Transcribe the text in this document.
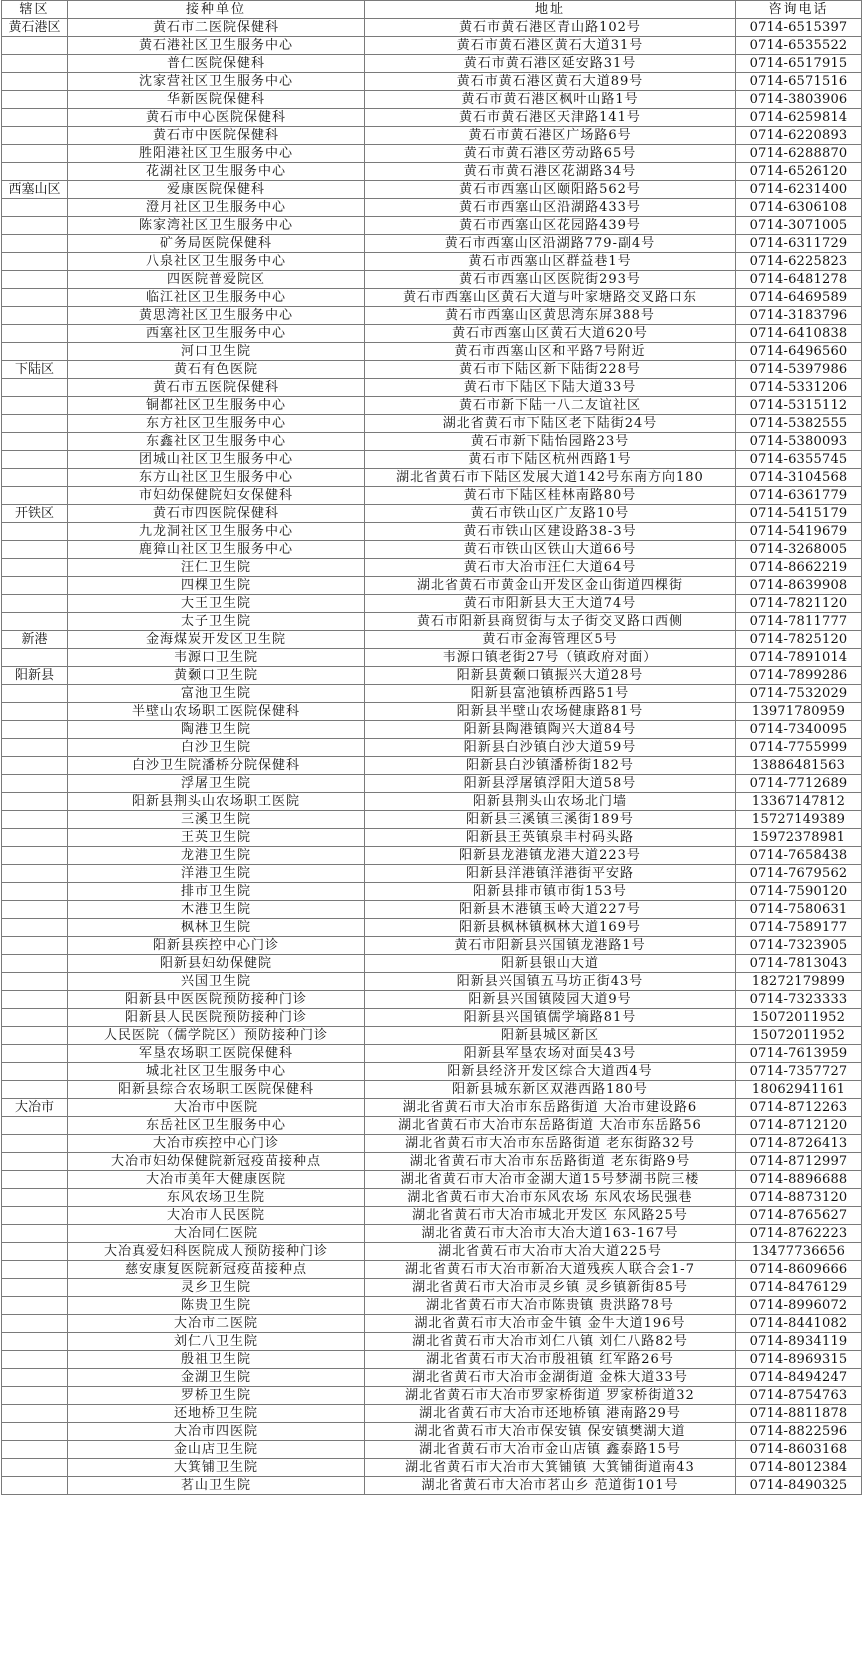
辖区	接种单位	地址	咨询电话
黄石港区	黄石市二医院保健科	黄石市黄石港区青山路102号	0714-6515397
	黄石港社区卫生服务中心	黄石市黄石港区黄石大道31号	0714-6535522
	普仁医院保健科	黄石市黄石港区延安路31号	0714-6517915
	沈家营社区卫生服务中心	黄石市黄石港区黄石大道89号	0714-6571516
	华新医院保健科	黄石市黄石港区枫叶山路1号	0714-3803906
	黄石市中心医院保健科	黄石市黄石港区天津路141号	0714-6259814
	黄石市中医院保健科	黄石市黄石港区广场路6号	0714-6220893
	胜阳港社区卫生服务中心	黄石市黄石港区劳动路65号	0714-6288870
	花湖社区卫生服务中心	黄石市黄石港区花湖路34号	0714-6526120
西塞山区	爱康医院保健科	黄石市西塞山区颐阳路562号	0714-6231400
	澄月社区卫生服务中心	黄石市西塞山区沿湖路433号	0714-6306108
	陈家湾社区卫生服务中心	黄石市西塞山区花园路439号	0714-3071005
	矿务局医院保健科	黄石市西塞山区沿湖路779-副4号	0714-6311729
	八泉社区卫生服务中心	黄石市西塞山区群益巷1号	0714-6225823
	四医院普爱院区	黄石市西塞山区医院街293号	0714-6481278
	临江社区卫生服务中心	黄石市西塞山区黄石大道与叶家塘路交叉路口东	0714-6469589
	黄思湾社区卫生服务中心	黄石市西塞山区黄思湾东屏388号	0714-3183796
	西塞社区卫生服务中心	黄石市西塞山区黄石大道620号	0714-6410838
	河口卫生院	黄石市西塞山区和平路7号附近	0714-6496560
下陆区	黄石有色医院	黄石市下陆区新下陆街228号	0714-5397986
	黄石市五医院保健科	黄石市下陆区下陆大道33号	0714-5331206
	铜都社区卫生服务中心	黄石市新下陆一八二友谊社区	0714-5315112
	东方社区卫生服务中心	湖北省黄石市下陆区老下陆街24号	0714-5382555
	东鑫社区卫生服务中心	黄石市新下陆怡园路23号	0714-5380093
	团城山社区卫生服务中心	黄石市下陆区杭州西路1号	0714-6355745
	东方山社区卫生服务中心	湖北省黄石市下陆区发展大道142号东南方向180	0714-3104568
	市妇幼保健院妇女保健科	黄石市下陆区桂林南路80号	0714-6361779
开铁区	黄石市四医院保健科	黄石市铁山区广友路10号	0714-5415179
	九龙洞社区卫生服务中心	黄石市铁山区建设路38-3号	0714-5419679
	鹿獐山社区卫生服务中心	黄石市铁山区铁山大道66号	0714-3268005
	汪仁卫生院	黄石市大冶市汪仁大道64号	0714-8662219
	四棵卫生院	湖北省黄石市黄金山开发区金山街道四棵街	0714-8639908
	大王卫生院	黄石市阳新县大王大道74号	0714-7821120
	太子卫生院	黄石市阳新县商贸街与太子街交叉路口西侧	0714-7811777
新港	金海煤炭开发区卫生院	黄石市金海管理区5号	0714-7825120
	韦源口卫生院	韦源口镇老街27号（镇政府对面）	0714-7891014
阳新县	黄颡口卫生院	阳新县黄颡口镇振兴大道28号	0714-7899286
	富池卫生院	阳新县富池镇桥西路51号	0714-7532029
	半壁山农场职工医院保健科	阳新县半壁山农场健康路81号	13971780959
	陶港卫生院	阳新县陶港镇陶兴大道84号	0714-7340095
	白沙卫生院	阳新县白沙镇白沙大道59号	0714-7755999
	白沙卫生院潘桥分院保健科	阳新县白沙镇潘桥街182号	13886481563
	浮屠卫生院	阳新县浮屠镇浮阳大道58号	0714-7712689
	阳新县荆头山农场职工医院	阳新县荆头山农场北门墙	13367147812
	三溪卫生院	阳新县三溪镇三溪街189号	15727149389
	王英卫生院	阳新县王英镇泉丰村码头路	15972378981
	龙港卫生院	阳新县龙港镇龙港大道223号	0714-7658438
	洋港卫生院	阳新县洋港镇洋港街平安路	0714-7679562
	排市卫生院	阳新县排市镇市街153号	0714-7590120
	木港卫生院	阳新县木港镇玉岭大道227号	0714-7580631
	枫林卫生院	阳新县枫林镇枫林大道169号	0714-7589177
	阳新县疾控中心门诊	黄石市阳新县兴国镇龙港路1号	0714-7323905
	阳新县妇幼保健院	阳新县银山大道	0714-7813043
	兴国卫生院	阳新县兴国镇五马坊正街43号	18272179899
	阳新县中医医院预防接种门诊	阳新县兴国镇陵园大道9号	0714-7323333
	阳新县人民医院预防接种门诊	阳新县兴国镇儒学墒路81号	15072011952
	人民医院（儒学院区）预防接种门诊	阳新县城区新区	15072011952
	军垦农场职工医院保健科	阳新县军垦农场对面吴43号	0714-7613959
	城北社区卫生服务中心	阳新县经济开发区综合大道西4号	0714-7357727
	阳新县综合农场职工医院保健科	阳新县城东新区双港西路180号	18062941161
大冶市	大冶市中医院	湖北省黄石市大冶市东岳路街道 大冶市建设路6	0714-8712263
	东岳社区卫生服务中心	湖北省黄石市大冶市东岳路街道 大冶市东岳路56	0714-8712120
	大冶市疾控中心门诊	湖北省黄石市大冶市东岳路街道 老东街路32号	0714-8726413
	大冶市妇幼保健院新冠疫苗接种点	湖北省黄石市大冶市东岳路街道 老东街路9号	0714-8712997
	大冶市美年大健康医院	湖北省黄石市大冶市金湖大道15号梦湖书院三楼	0714-8896688
	东风农场卫生院	湖北省黄石市大冶市东风农场 东风农场民强巷	0714-8873120
	大冶市人民医院	湖北省黄石市大冶市城北开发区 东风路25号	0714-8765627
	大冶同仁医院	湖北省黄石市大冶市大冶大道163-167号	0714-8762223
	大冶真爱妇科医院成人预防接种门诊	湖北省黄石市大冶市大冶大道225号	13477736656
	慈安康复医院新冠疫苗接种点	湖北省黄石市大冶市新冶大道残疾人联合会1-7	0714-8609666
	灵乡卫生院	湖北省黄石市大冶市灵乡镇 灵乡镇新街85号	0714-8476129
	陈贵卫生院	湖北省黄石市大冶市陈贵镇 贵洪路78号	0714-8996072
	大冶市二医院	湖北省黄石市大冶市金牛镇 金牛大道196号	0714-8441082
	刘仁八卫生院	湖北省黄石市大冶市刘仁八镇 刘仁八路82号	0714-8934119
	殷祖卫生院	湖北省黄石市大冶市殷祖镇 红军路26号	0714-8969315
	金湖卫生院	湖北省黄石市大冶市金湖街道 金株大道33号	0714-8494247
	罗桥卫生院	湖北省黄石市大冶市罗家桥街道 罗家桥街道32	0714-8754763
	还地桥卫生院	湖北省黄石市大冶市还地桥镇 港南路29号	0714-8811878
	大冶市四医院	湖北省黄石市大冶市保安镇 保安镇樊湖大道	0714-8822596
	金山店卫生院	湖北省黄石市大冶市金山店镇 鑫泰路15号	0714-8603168
	大箕铺卫生院	湖北省黄石市大冶市大箕铺镇 大箕铺街道南43	0714-8012384
	茗山卫生院	湖北省黄石市大冶市茗山乡 范道街101号	0714-8490325
